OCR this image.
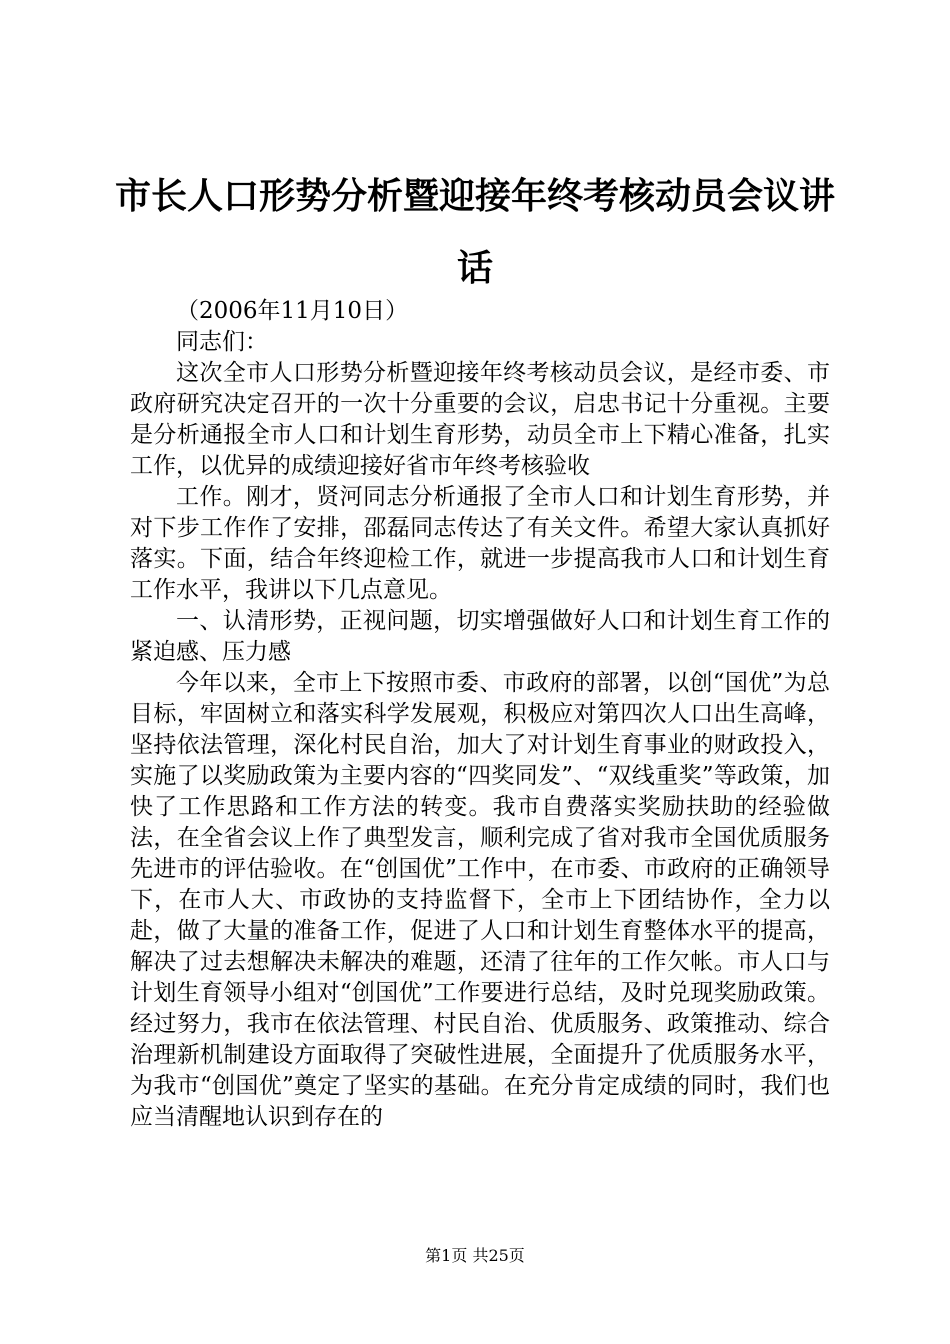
市长人口形势分析暨迎接年终考核动员会议讲话

（2006年11月10日）

同志们：

这次全市人口形势分析暨迎接年终考核动员会议，是经市委、市政府研究决定召开的一次十分重要的会议，启忠书记十分重视。主要是分析通报全市人口和计划生育形势，动员全市上下精心准备，扎实工作，以优异的成绩迎接好省市年终考核验收

工作。刚才，贤河同志分析通报了全市人口和计划生育形势，并对下步工作作了安排，邵磊同志传达了有关文件。希望大家认真抓好落实。下面，结合年终迎检工作，就进一步提高我市人口和计划生育工作水平，我讲以下几点意见。

一、认清形势，正视问题，切实增强做好人口和计划生育工作的紧迫感、压力感

今年以来，全市上下按照市委、市政府的部署，以创“国优”为总目标，牢固树立和落实科学发展观，积极应对第四次人口出生高峰，坚持依法管理，深化村民自治，加大了对计划生育事业的财政投入，实施了以奖励政策为主要内容的“四奖同发”、“双线重奖”等政策，加快了工作思路和工作方法的转变。我市自费落实奖励扶助的经验做法，在全省会议上作了典型发言，顺利完成了省对我市全国优质服务先进市的评估验收。在“创国优”工作中，在市委、市政府的正确领导下，在市人大、市政协的支持监督下，全市上下团结协作，全力以赴，做了大量的准备工作，促进了人口和计划生育整体水平的提高，解决了过去想解决未解决的难题，还清了往年的工作欠帐。市人口与计划生育领导小组对“创国优”工作要进行总结，及时兑现奖励政策。经过努力，我市在依法管理、村民自治、优质服务、政策推动、综合治理新机制建设方面取得了突破性进展，全面提升了优质服务水平，为我市“创国优”奠定了坚实的基础。在充分肯定成绩的同时，我们也应当清醒地认识到存在的

第1页 共25页
